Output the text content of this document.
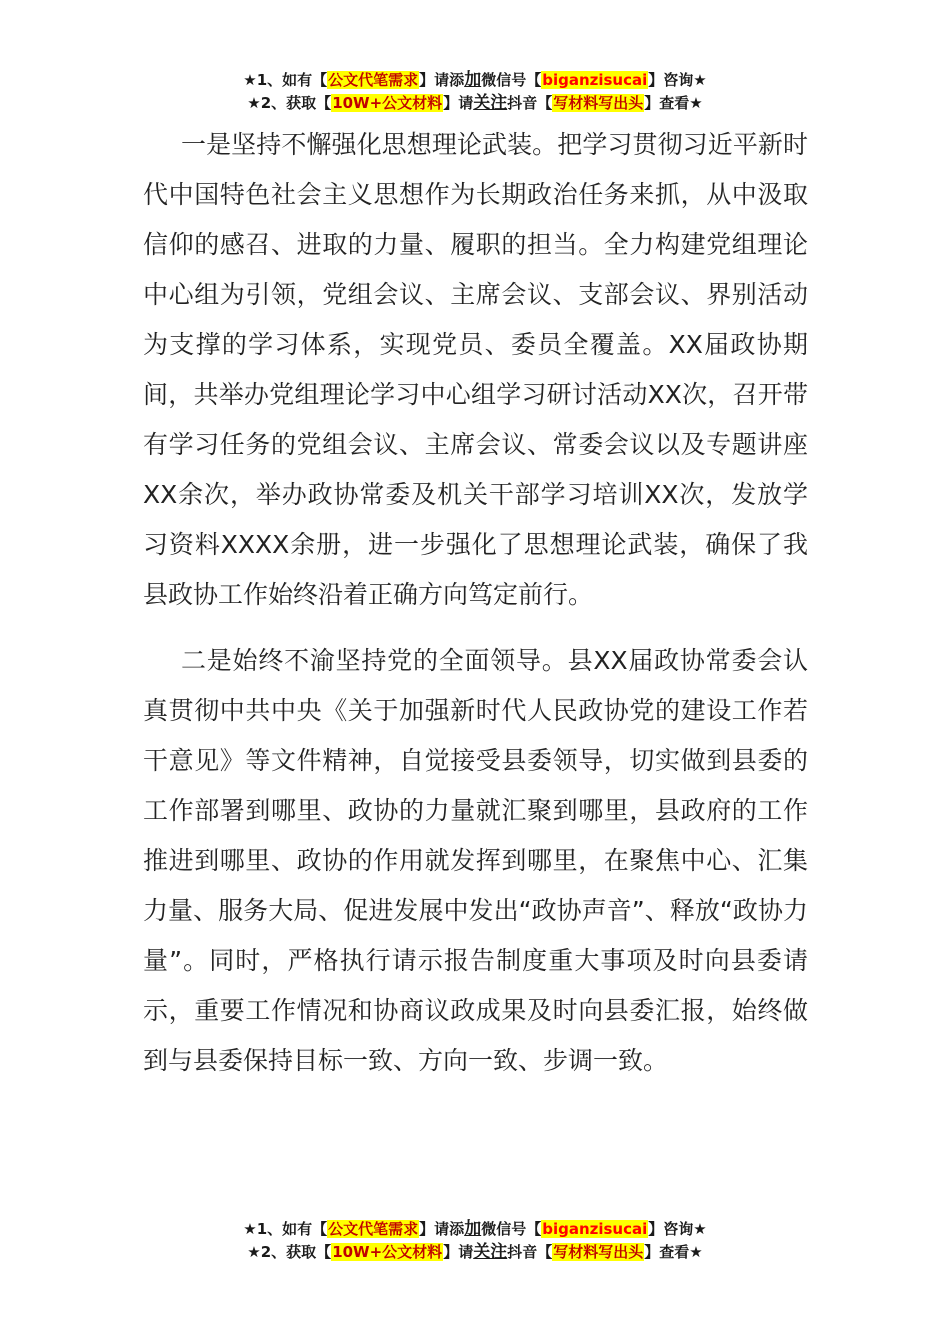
★1、如有【公文代笔需求】请添加微信号【biganzisucai】咨询★
★2、获取【10W+公文材料】请关注抖音【写材料写出头】查看★

一是坚持不懈强化思想理论武装。把学习贯彻习近平新时代中国特色社会主义思想作为长期政治任务来抓，从中汲取信仰的感召、进取的力量、履职的担当。全力构建党组理论中心组为引领，党组会议、主席会议、支部会议、界别活动为支撑的学习体系，实现党员、委员全覆盖。XX届政协期间，共举办党组理论学习中心组学习研讨活动XX次，召开带有学习任务的党组会议、主席会议、常委会议以及专题讲座XX余次，举办政协常委及机关干部学习培训XX次，发放学习资料XXXX余册，进一步强化了思想理论武装，确保了我县政协工作始终沿着正确方向笃定前行。

二是始终不渝坚持党的全面领导。县XX届政协常委会认真贯彻中共中央《关于加强新时代人民政协党的建设工作若干意见》等文件精神，自觉接受县委领导，切实做到县委的工作部署到哪里、政协的力量就汇聚到哪里，县政府的工作推进到哪里、政协的作用就发挥到哪里，在聚焦中心、汇集力量、服务大局、促进发展中发出“政协声音”、释放“政协力量”。同时，严格执行请示报告制度重大事项及时向县委请示，重要工作情况和协商议政成果及时向县委汇报，始终做到与县委保持目标一致、方向一致、步调一致。

★1、如有【公文代笔需求】请添加微信号【biganzisucai】咨询★
★2、获取【10W+公文材料】请关注抖音【写材料写出头】查看★
